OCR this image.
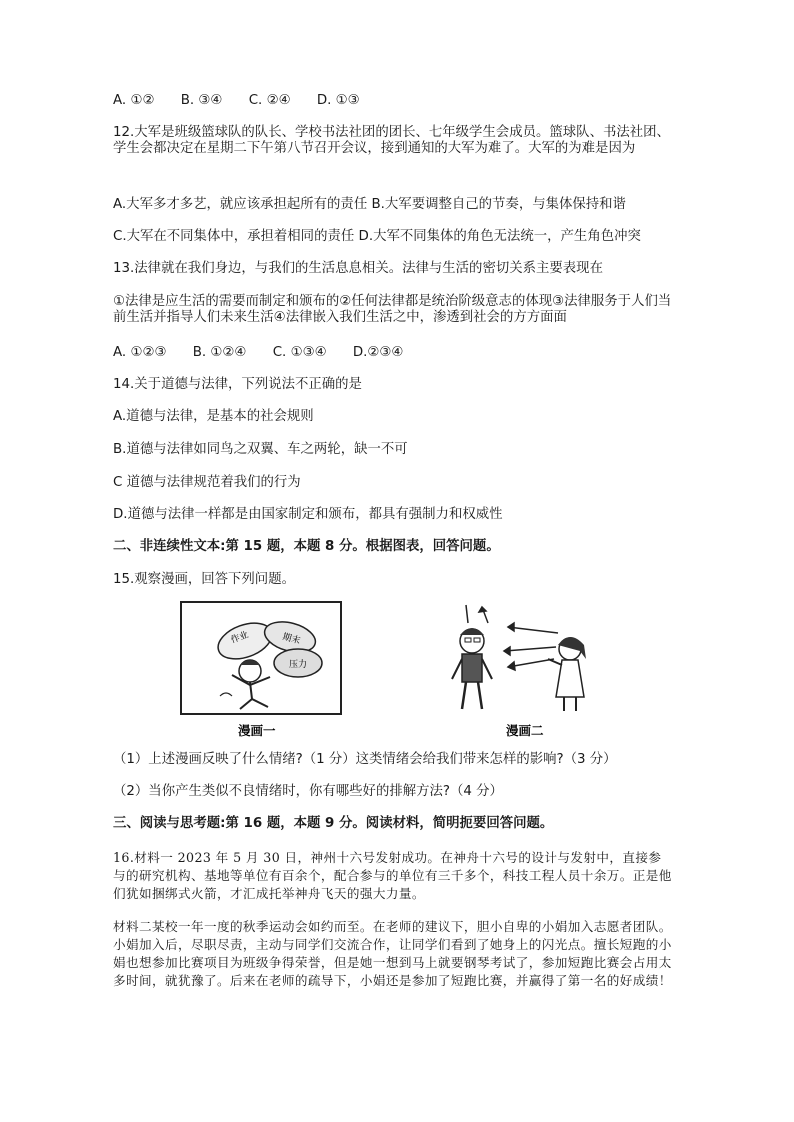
A. ①② B. ③④ C. ②④ D. ①③
12.大军是班级篮球队的队长、学校书法社团的团长、七年级学生会成员。篮球队、书法社团、学生会都决定在星期二下午第八节召开会议，接到通知的大军为难了。大军的为难是因为
A.大军多才多艺，就应该承担起所有的责任 B.大军要调整自己的节奏，与集体保持和谐
C.大军在不同集体中，承担着相同的责任 D.大军不同集体的角色无法统一，产生角色冲突
13.法律就在我们身边，与我们的生活息息相关。法律与生活的密切关系主要表现在
①法律是应生活的需要而制定和颁布的②任何法律都是统治阶级意志的体现③法律服务于人们当前生活并指导人们未来生活④法律嵌入我们生活之中，渗透到社会的方方面面
A. ①②③ B. ①②④ C. ①③④ D.②③④
14.关于道德与法律，下列说法不正确的是
A.道德与法律，是基本的社会规则
B.道德与法律如同鸟之双翼、车之两轮，缺一不可
C 道德与法律规范着我们的行为
D.道德与法律一样都是由国家制定和颁布，都具有强制力和权威性
二、非连续性文本:第 15 题，本题 8 分。根据图表，回答问题。
15.观察漫画，回答下列问题。
作业	期末
压力
漫画一	漫画二
（1）上述漫画反映了什么情绪?（1 分）这类情绪会给我们带来怎样的影响?（3 分）
（2）当你产生类似不良情绪时，你有哪些好的排解方法?（4 分）
三、阅读与思考题:第 16 题，本题 9 分。阅读材料，简明扼要回答问题。
16.材料一 2023 年 5 月 30 日，神州十六号发射成功。在神舟十六号的设计与发射中，直接参与的研究机构、基地等单位有百余个，配合参与的单位有三千多个，科技工程人员十余万。正是他们犹如捆绑式火箭，才汇成托举神舟飞天的强大力量。
材料二某校一年一度的秋季运动会如约而至。在老师的建议下，胆小自卑的小娟加入志愿者团队。小娟加入后，尽职尽责，主动与同学们交流合作，让同学们看到了她身上的闪光点。擅长短跑的小娟也想参加比赛项目为班级争得荣誉，但是她一想到马上就要钢琴考试了，参加短跑比赛会占用太多时间，就犹豫了。后来在老师的疏导下，小娟还是参加了短跑比赛，并赢得了第一名的好成绩！
